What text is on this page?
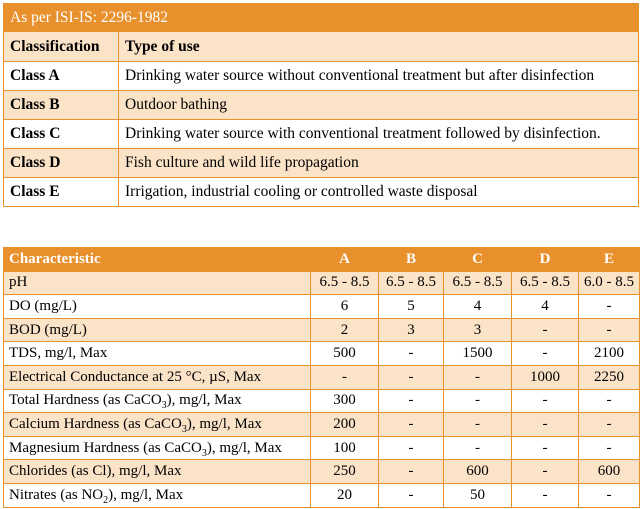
As per ISI-IS: 2296-1982	
Classification	Type of use
Class A	Drinking water source without conventional treatment but after disinfection
Class B	Outdoor bathing
Class C	Drinking water source with conventional treatment followed by disinfection.
Class D	Fish culture and wild life propagation
Class E	Irrigation, industrial cooling or controlled waste disposal
Characteristic	A	B	C	D	E
pH	6.5 - 8.5	6.5 - 8.5	6.5 - 8.5	6.5 - 8.5	6.0 - 8.5
DO (mg/L)	6	5	4	4	-
BOD (mg/L)	2	3	3	-	-
TDS, mg/l, Max	500	-	1500	-	2100
Electrical Conductance at 25 °C, µS, Max	-	-	-	1000	2250
Total Hardness (as CaCO$_3$), mg/l, Max	300	-	-	-	-
Calcium Hardness (as CaCO$_3$), mg/l, Max	200	-	-	-	-
Magnesium Hardness (as CaCO$_3$), mg/l, Max	100	-	-	-	-
Chlorides (as Cl), mg/l, Max	250	-	600	-	600
Nitrates (as $NO_2$), mg/l, Max	20	-	50	-	-
